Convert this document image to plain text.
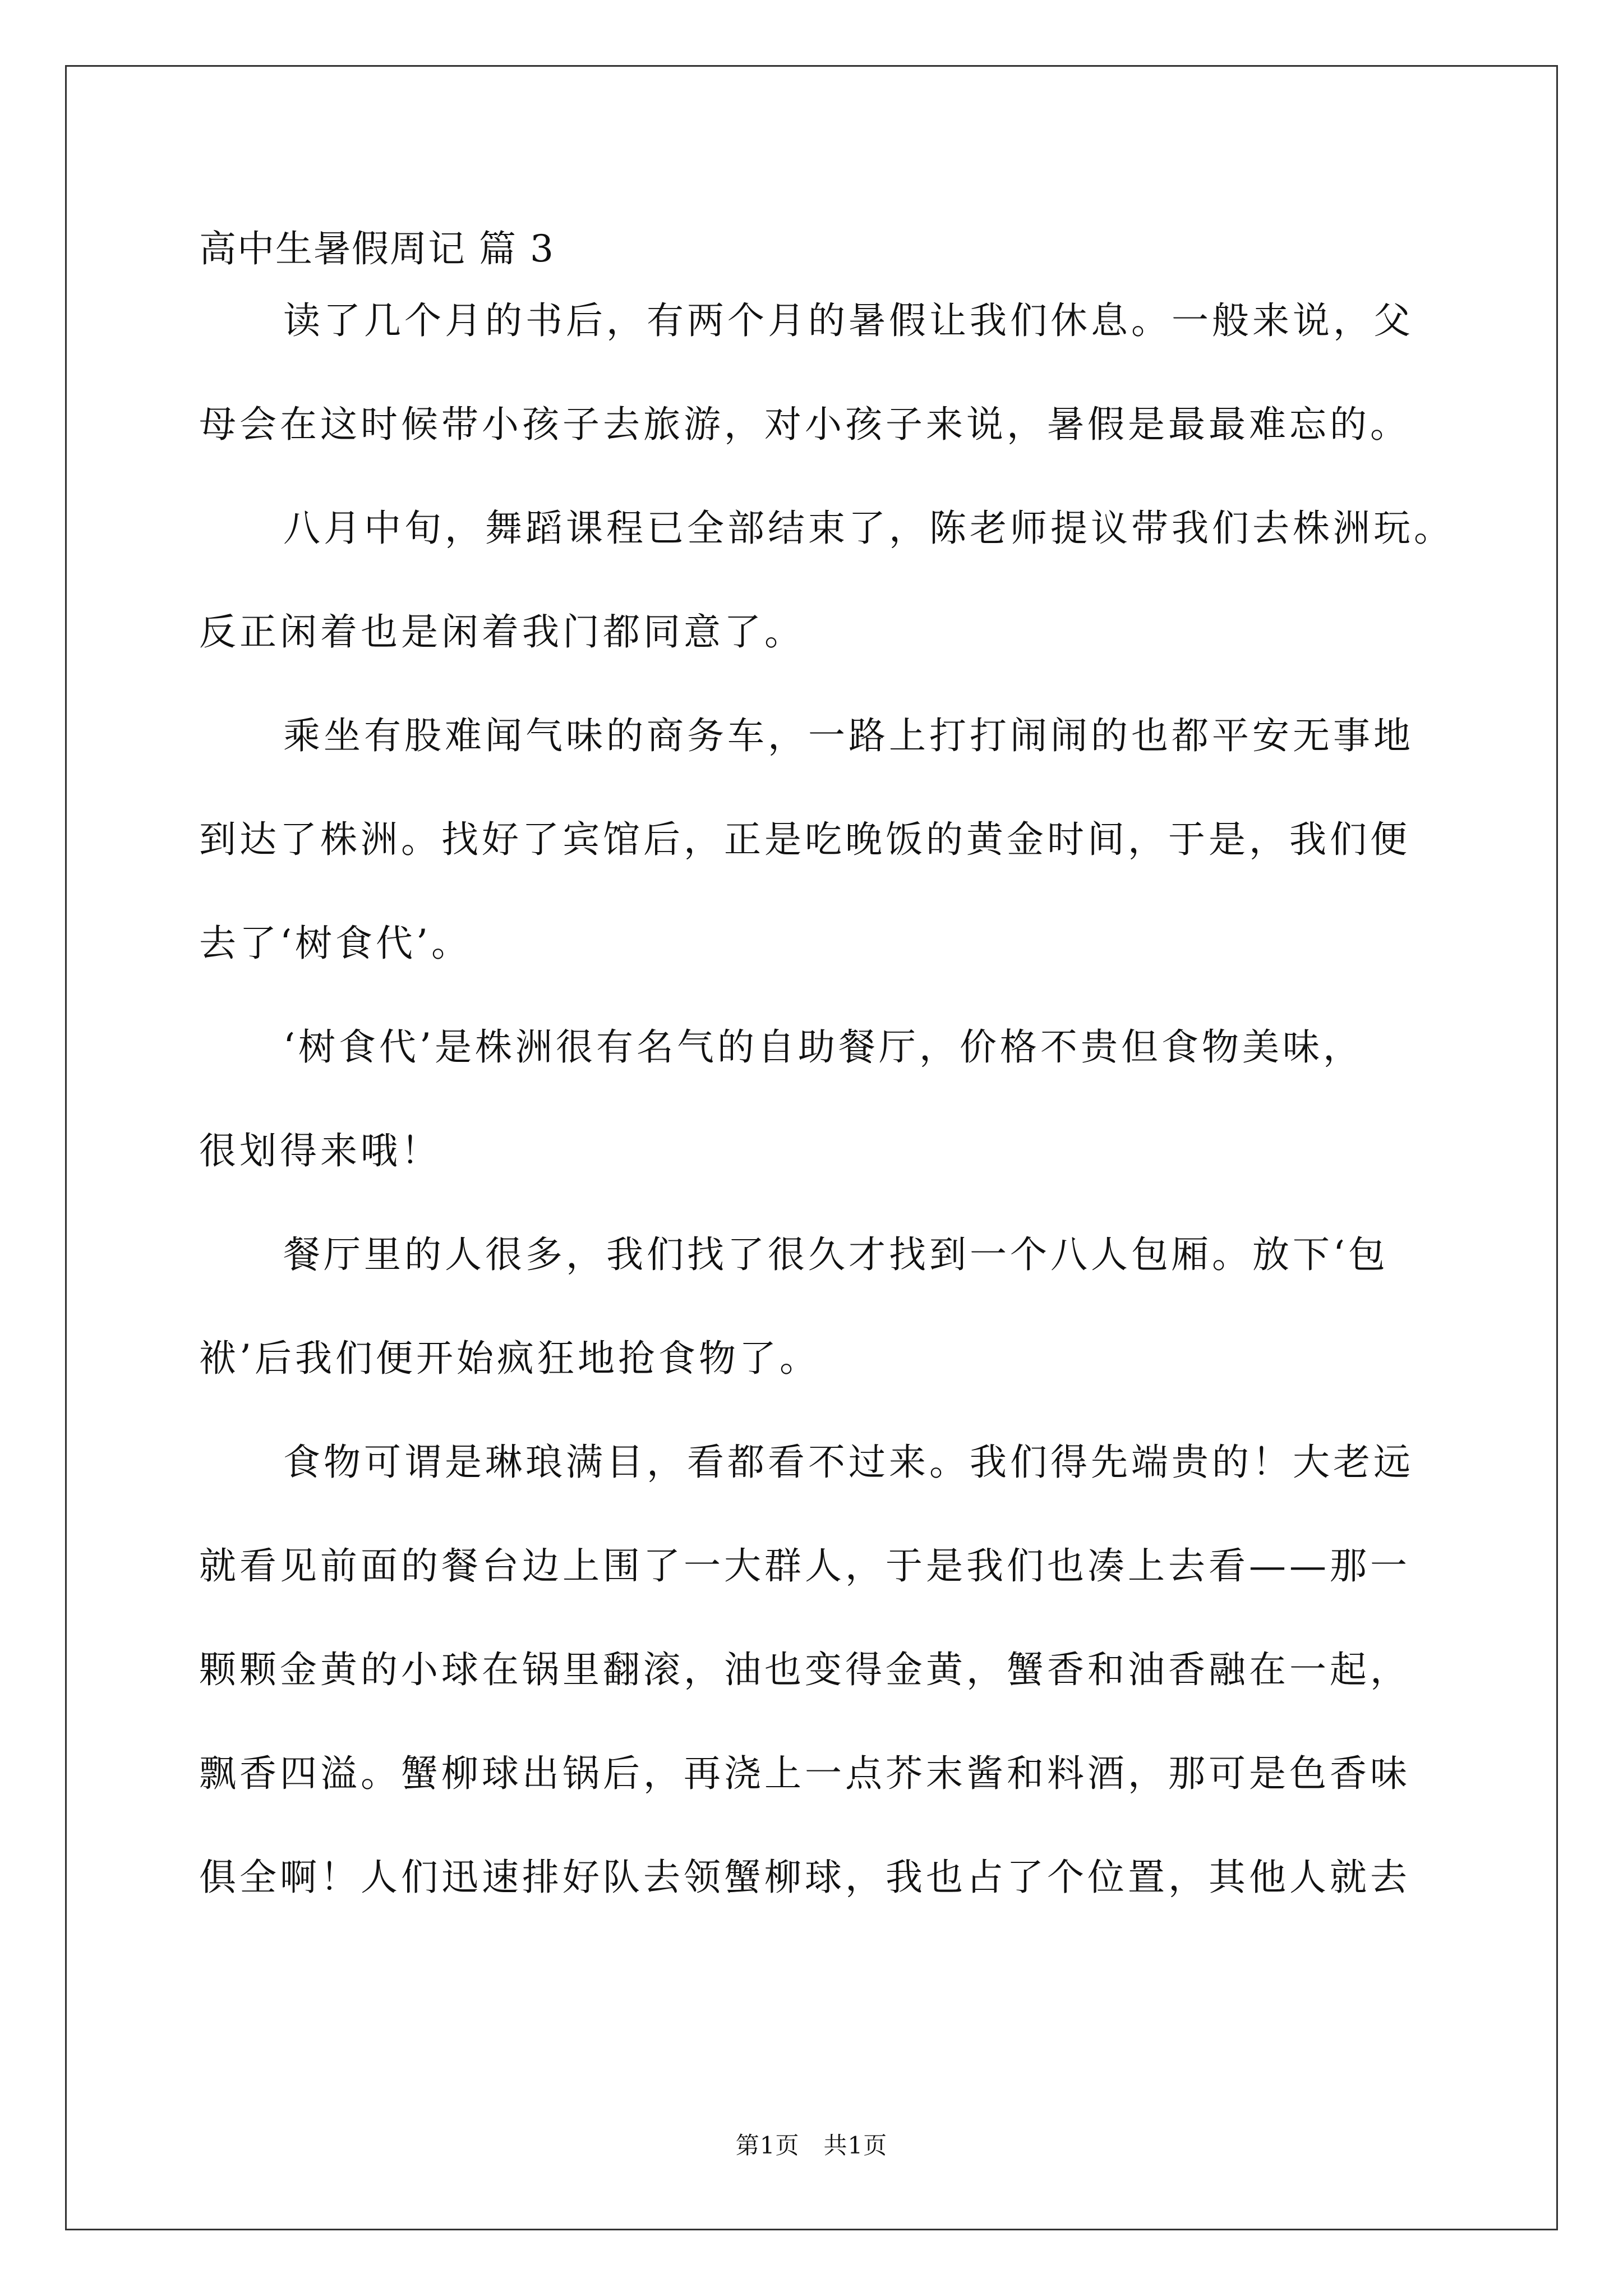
高中生暑假周记 篇 3
读了几个月的书后，有两个月的暑假让我们休息。一般来说，父
母会在这时候带小孩子去旅游，对小孩子来说，暑假是最最难忘的。
八月中旬，舞蹈课程已全部结束了，陈老师提议带我们去株洲玩。
反正闲着也是闲着我门都同意了。
乘坐有股难闻气味的商务车，一路上打打闹闹的也都平安无事地
到达了株洲。找好了宾馆后，正是吃晚饭的黄金时间，于是，我们便
去了‘树食代’。
‘树食代’是株洲很有名气的自助餐厅，价格不贵但食物美味，
很划得来哦！
餐厅里的人很多，我们找了很久才找到一个八人包厢。放下‘包
袱’后我们便开始疯狂地抢食物了。
食物可谓是琳琅满目，看都看不过来。我们得先端贵的！大老远
就看见前面的餐台边上围了一大群人，于是我们也凑上去看——那一
颗颗金黄的小球在锅里翻滚，油也变得金黄，蟹香和油香融在一起，
飘香四溢。蟹柳球出锅后，再浇上一点芥末酱和料酒，那可是色香味
俱全啊！人们迅速排好队去领蟹柳球，我也占了个位置，其他人就去
第1页   共1页
